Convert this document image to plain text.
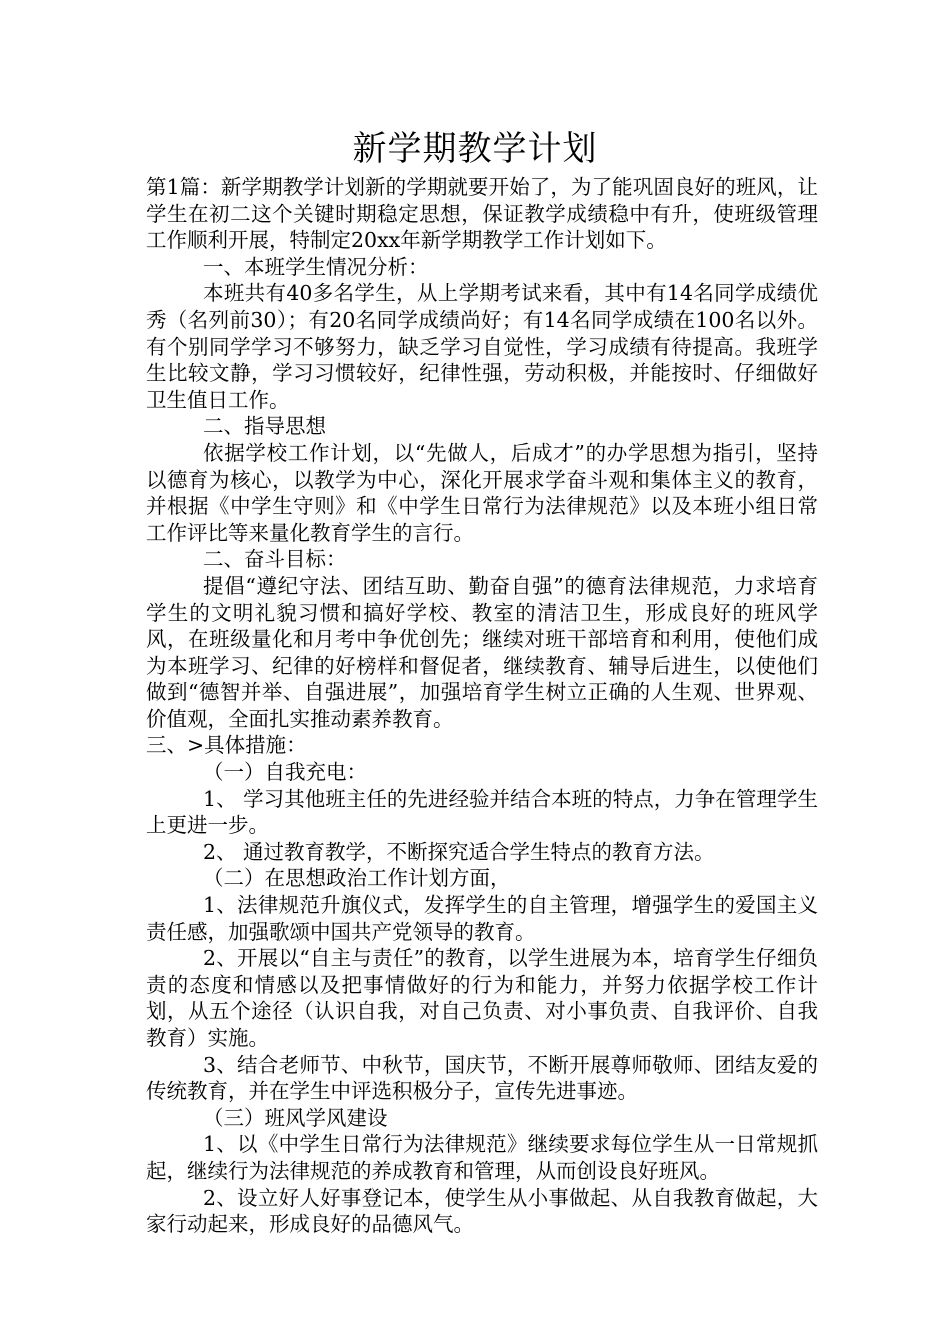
新学期教学计划

第1篇：新学期教学计划新的学期就要开始了，为了能巩固良好的班风，让学生在初二这个关键时期稳定思想，保证教学成绩稳中有升，使班级管理工作顺利开展，特制定20xx年新学期教学工作计划如下。

一、本班学生情况分析：

本班共有40多名学生，从上学期考试来看，其中有14名同学成绩优秀（名列前30）；有20名同学成绩尚好；有14名同学成绩在100名以外。有个别同学学习不够努力，缺乏学习自觉性，学习成绩有待提高。我班学生比较文静，学习习惯较好，纪律性强，劳动积极，并能按时、仔细做好卫生值日工作。

二、指导思想

依据学校工作计划，以“先做人，后成才”的办学思想为指引，坚持以德育为核心，以教学为中心，深化开展求学奋斗观和集体主义的教育，并根据《中学生守则》和《中学生日常行为法律规范》以及本班小组日常工作评比等来量化教育学生的言行。

二、奋斗目标：

提倡“遵纪守法、团结互助、勤奋自强”的德育法律规范，力求培育学生的文明礼貌习惯和搞好学校、教室的清洁卫生，形成良好的班风学风，在班级量化和月考中争优创先；继续对班干部培育和利用，使他们成为本班学习、纪律的好榜样和督促者，继续教育、辅导后进生，以使他们做到“德智并举、自强进展”，加强培育学生树立正确的人生观、世界观、价值观，全面扎实推动素养教育。

三、>具体措施：

（一）自我充电：

1、 学习其他班主任的先进经验并结合本班的特点，力争在管理学生上更进一步。

2、 通过教育教学，不断探究适合学生特点的教育方法。

（二）在思想政治工作计划方面，

1、法律规范升旗仪式，发挥学生的自主管理，增强学生的爱国主义责任感，加强歌颂中国共产党领导的教育。

2、开展以“自主与责任”的教育，以学生进展为本，培育学生仔细负责的态度和情感以及把事情做好的行为和能力，并努力依据学校工作计划，从五个途径（认识自我，对自己负责、对小事负责、自我评价、自我教育）实施。

3、结合老师节、中秋节，国庆节，不断开展尊师敬师、团结友爱的传统教育，并在学生中评选积极分子，宣传先进事迹。

（三）班风学风建设

1、以《中学生日常行为法律规范》继续要求每位学生从一日常规抓起，继续行为法律规范的养成教育和管理，从而创设良好班风。

2、设立好人好事登记本，使学生从小事做起、从自我教育做起，大家行动起来，形成良好的品德风气。
